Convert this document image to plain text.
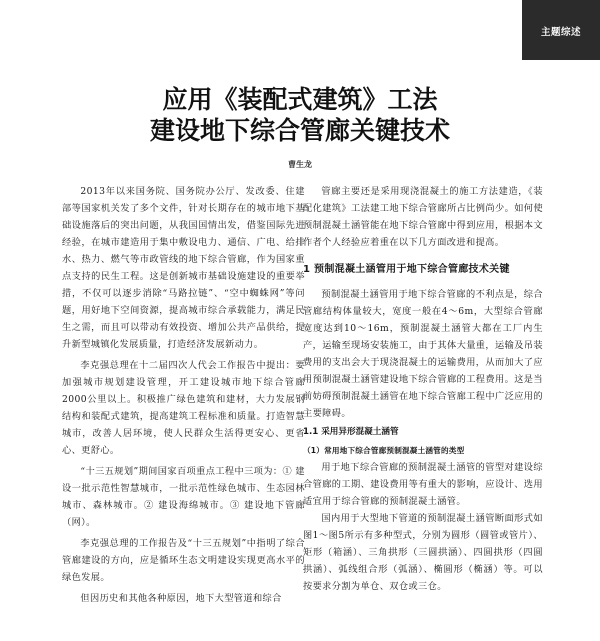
主题综述
应用《装配式建筑》工法
建设地下综合管廊关键技术
曹生龙

2013年以来国务院、国务院办公厅、发改委、住建部等国家机关发了多个文件，针对长期存在的城市地下基础设施落后的突出问题，从我国国情出发，借鉴国际先进经验，在城市建造用于集中敷设电力、通信、广电、给排水、热力、燃气等市政管线的地下综合管廊，作为国家重点支持的民生工程。这是创新城市基础设施建设的重要举措，不仅可以逐步消除“马路拉链”、“空中蜘蛛网”等问题，用好地下空间资源，提高城市综合承载能力，满足民生之需，而且可以带动有效投资、增加公共产品供给，提升新型城镇化发展质量，打造经济发展新动力。

李克强总理在十二届四次人代会工作报告中提出：要加强城市规划建设管理，开工建设城市地下综合管廊2000公里以上。积极推广绿色建筑和建材，大力发展钢结构和装配式建筑，提高建筑工程标准和质量。打造智慧城市，改善人居环境，使人民群众生活得更安心、更省心、更舒心。

“十三五规划”期间国家百项重点工程中三项为：① 建设一批示范性智慧城市，一批示范性绿色城市、生态园林城市、森林城市。② 建设海绵城市。③ 建设地下管廊（网）。

李克强总理的工作报告及“十三五规划”中指明了综合管廊建设的方向，应是循环生态文明建设实现更高水平的绿色发展。

但因历史和其他各种原因，地下大型管道和综合

管廊主要还是采用现浇混凝土的施工方法建造，《装配化建筑》工法建工地下综合管廊所占比例尚少。如何使预制混凝土涵管能在地下综合管廊中得到应用，根据本文作者个人经验应着重在以下几方面改进和提高。

1 预制混凝土涵管用于地下综合管廊技术关键

预制混凝土涵管用于地下综合管廊的不利点是，综合管廊结构体量较大，宽度一般在4～6m，大型综合管廊宽度达到10～16m，预制混凝土涵管大都在工厂内生产，运输至现场安装施工，由于其体大量重，运输及吊装费用的支出会大于现浇混凝土的运输费用，从而加大了应用预制混凝土涵管建设地下综合管廊的工程费用。这是当前妨碍预制混凝土涵管在地下综合管廊工程中广泛应用的主要障碍。

1.1 采用异形混凝土涵管
（1）常用地下综合管廊预制混凝土涵管的类型

用于地下综合管廊的预制混凝土涵管的管型对建设综合管廊的工期、建设费用等有重大的影响，应设计、选用适宜用于综合管廊的预制混凝土涵管。

国内用于大型地下管道的预制混凝土涵管断面形式如图1～图5所示有多种型式，分别为圆形（圆管或管片）、矩形（箱涵）、三角拱形（三圆拱涵）、四圆拱形（四圆拱涵）、弧线组合形（弧涵）、椭圆形（椭涵）等。可以按要求分割为单仓、双仓或三仓。
